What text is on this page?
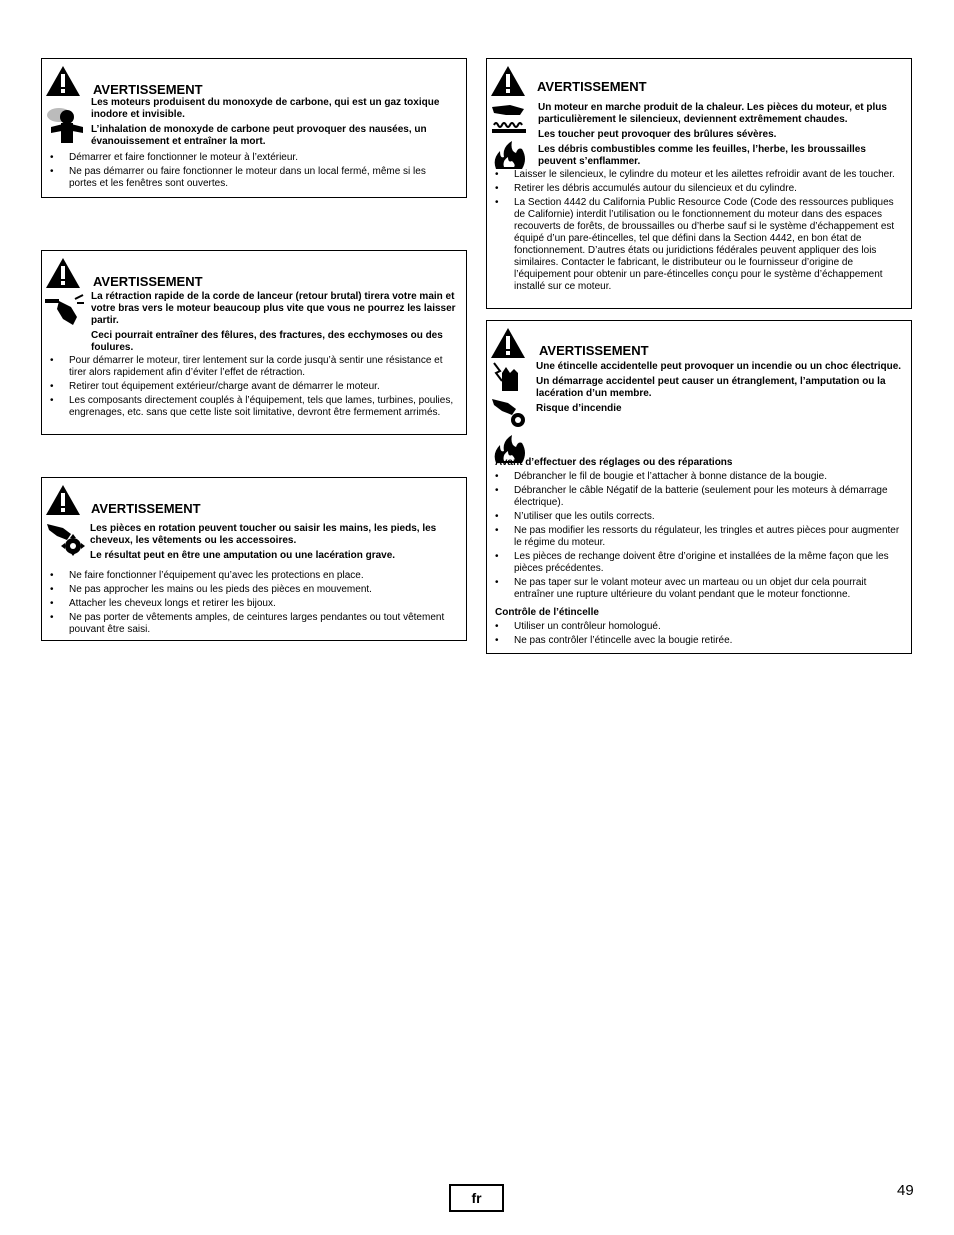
AVERTISSEMENT
Les moteurs produisent du monoxyde de carbone, qui est un gaz toxique inodore et invisible.
L’inhalation de monoxyde de carbone peut provoquer des nausées, un évanouissement et entraîner la mort.
• Démarrer et faire fonctionner le moteur à l’extérieur.
• Ne pas démarrer ou faire fonctionner le moteur dans un local fermé, même si les portes et les fenêtres sont ouvertes.
AVERTISSEMENT
La rétraction rapide de la corde de lanceur (retour brutal) tirera votre main et votre bras vers le moteur beaucoup plus vite que vous ne pourrez les laisser partir.
Ceci pourrait entraîner des fêlures, des fractures, des ecchymoses ou des foulures.
• Pour démarrer le moteur, tirer lentement sur la corde jusqu’à sentir une résistance et tirer alors rapidement afin d’éviter l’effet de rétraction.
• Retirer tout équipement extérieur/charge avant de démarrer le moteur.
• Les composants directement couplés à l’équipement, tels que lames, turbines, poulies, engrenages, etc. sans que cette liste soit limitative, devront être fermement arrimés.
AVERTISSEMENT
Les pièces en rotation peuvent toucher ou saisir les mains, les pieds, les cheveux, les vêtements ou les accessoires.
Le résultat peut en être une amputation ou une lacération grave.
• Ne faire fonctionner l’équipement qu’avec les protections en place.
• Ne pas approcher les mains ou les pieds des pièces en mouvement.
• Attacher les cheveux longs et retirer les bijoux.
• Ne pas porter de vêtements amples, de ceintures larges pendantes ou tout vêtement pouvant être saisi.
AVERTISSEMENT
Un moteur en marche produit de la chaleur. Les pièces du moteur, et plus particulièrement le silencieux, deviennent extrêmement chaudes.
Les toucher peut provoquer des brûlures sévères.
Les débris combustibles comme les feuilles, l’herbe, les broussailles peuvent s’enflammer.
• Laisser le silencieux, le cylindre du moteur et les ailettes refroidir avant de les toucher.
• Retirer les débris accumulés autour du silencieux et du cylindre.
• La Section 4442 du California Public Resource Code (Code des ressources publiques de Californie) interdit l’utilisation ou le fonctionnement du moteur dans des espaces recouverts de forêts, de broussailles ou d’herbe sauf si le système d’échappement est équipé d’un pare-étincelles, tel que défini dans la Section 4442, en bon état de fonctionnement. D’autres états ou juridictions fédérales peuvent appliquer des lois similaires. Contacter le fabricant, le distributeur ou le fournisseur d’origine de l’équipement pour obtenir un pare-étincelles conçu pour le système d’échappement installé sur ce moteur.
AVERTISSEMENT
Une étincelle accidentelle peut provoquer un incendie ou un choc électrique.
Un démarrage accidentel peut causer un étranglement, l’amputation ou la lacération d’un membre.
Risque d’incendie
Avant d’effectuer des réglages ou des réparations
• Débrancher le fil de bougie et l’attacher à bonne distance de la bougie.
• Débrancher le câble Négatif de la batterie (seulement pour les moteurs à démarrage électrique).
• N’utiliser que les outils corrects.
• Ne pas modifier les ressorts du régulateur, les tringles et autres pièces pour augmenter le régime du moteur.
• Les pièces de rechange doivent être d’origine et installées de la même façon que les pièces précédentes.
• Ne pas taper sur le volant moteur avec un marteau ou un objet dur cela pourrait entraîner une rupture ultérieure du volant pendant que le moteur fonctionne.
Contrôle de l’étincelle
• Utiliser un contrôleur homologué.
• Ne pas contrôler l’étincelle avec la bougie retirée.
fr	49
